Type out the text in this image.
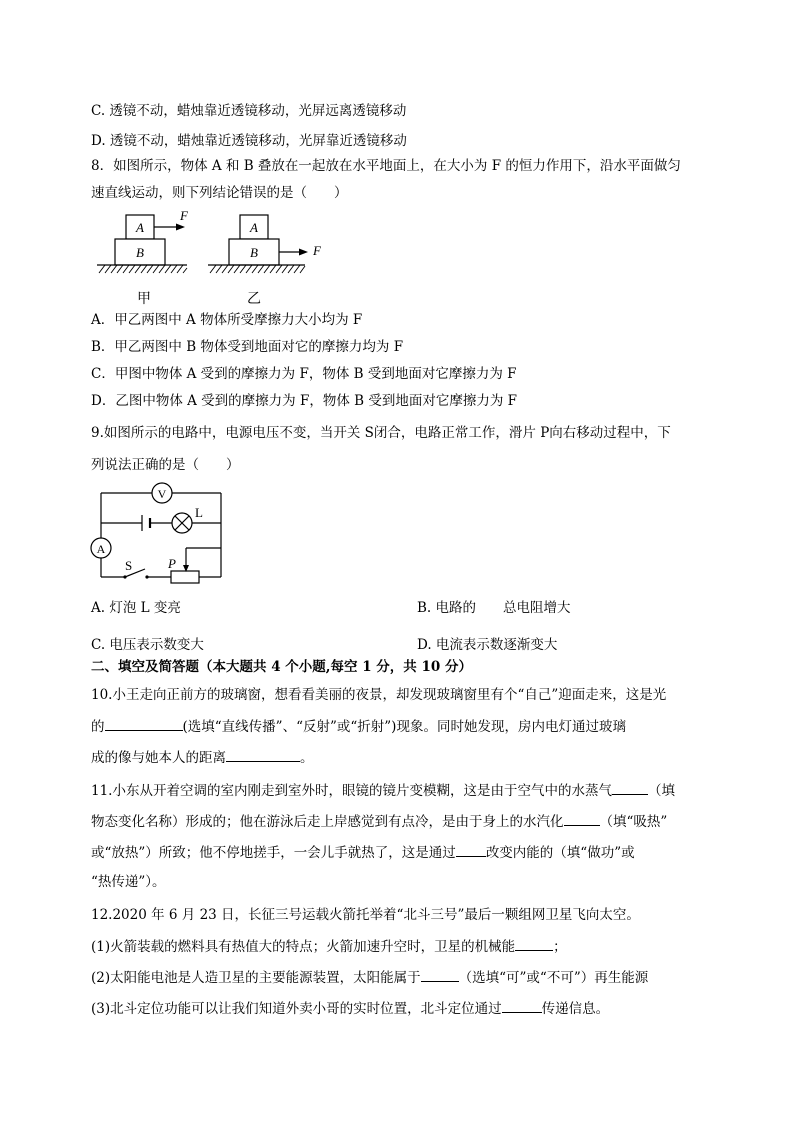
C. 透镜不动，蜡烛靠近透镜移动，光屏远离透镜移动
D. 透镜不动，蜡烛靠近透镜移动，光屏靠近透镜移动
8．如图所示，物体 A 和 B 叠放在一起放在水平地面上，在大小为 F 的恒力作用下，沿水平面做匀
速直线运动，则下列结论错误的是（　　）
A
B
F
A
B	F
甲	乙
A．甲乙两图中 A 物体所受摩擦力大小均为 F
B．甲乙两图中 B 物体受到地面对它的摩擦力均为 F
C．甲图中物体 A 受到的摩擦力为 F，物体 B 受到地面对它摩擦力为 F
D．乙图中物体 A 受到的摩擦力为 F，物体 B 受到地面对它摩擦力为 F
9.如图所示的电路中，电源电压不变，当开关 S闭合，电路正常工作，滑片 P向右移动过程中，下
列说法正确的是（　　）
V
L
A
S	P
A. 灯泡 L 变亮	B. 电路的　　总电阻增大
C. 电压表示数变大	D. 电流表示数逐渐变大
二、填空及简答题（本大题共 4 个小题,每空 1 分，共 10 分）
10.小王走向正前方的玻璃窗，想看看美丽的夜景，却发现玻璃窗里有个“自己”迎面走来，这是光
的	(选填“直线传播”、“反射”或“折射”)现象。同时她发现，房内电灯通过玻璃
成的像与她本人的距离	。
11.小东从开着空调的室内刚走到室外时，眼镜的镜片变模糊，这是由于空气中的水蒸气	（填
物态变化名称）形成的；他在游泳后走上岸感觉到有点冷，是由于身上的水汽化	（填“吸热”
或“放热”）所致；他不停地搓手，一会儿手就热了，这是通过 改变内能的（填“做功”或
“热传递”）。
12.2020 年 6 月 23 日，长征三号运载火箭托举着“北斗三号”最后一颗组网卫星飞向太空。
(1)火箭装载的燃料具有热值大的特点；火箭加速升空时，卫星的机械能	；
(2)太阳能电池是人造卫星的主要能源装置，太阳能属于	（选填“可”或“不可”）再生能源
(3)北斗定位功能可以让我们知道外卖小哥的实时位置，北斗定位通过	传递信息。
